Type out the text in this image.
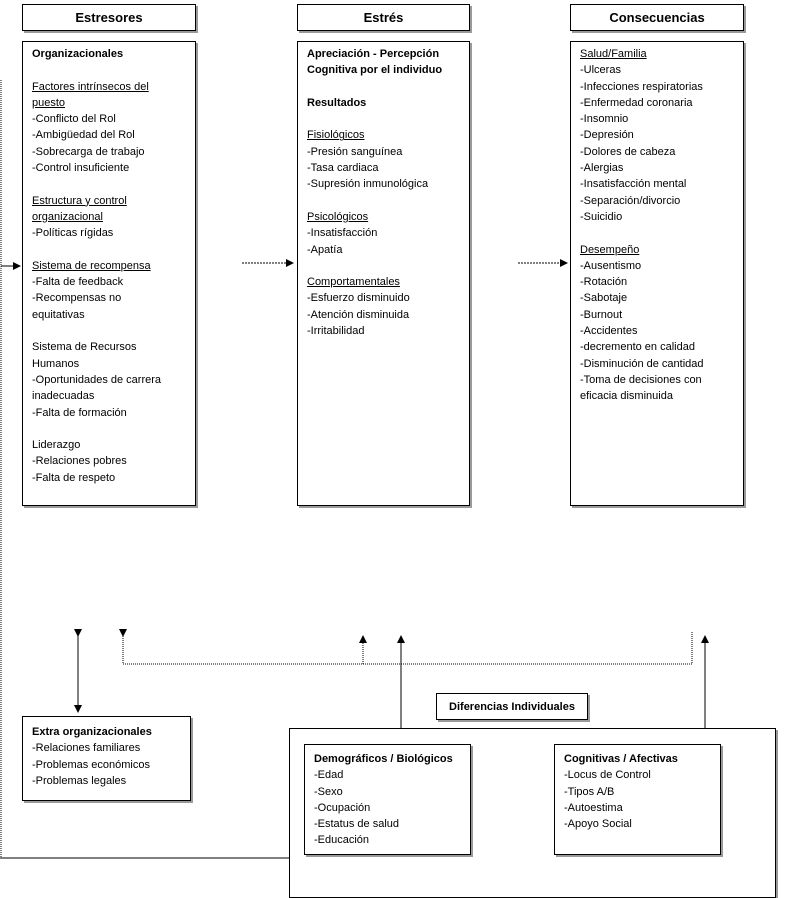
Estresores	Estrés	Consecuencias
Organizacionales
Factores intrínsecos del
puesto
-Conflicto del Rol
-Ambigüedad del Rol
-Sobrecarga de trabajo
-Control insuficiente
Estructura y control
organizacional
-Políticas rígidas
Sistema de recompensa
-Falta de feedback
-Recompensas no
equitativas
Sistema de Recursos
Humanos
-Oportunidades de carrera
inadecuadas
-Falta de formación
Liderazgo
-Relaciones pobres
-Falta de respeto
Apreciación - Percepción
Cognitiva por el individuo
Resultados
Fisiológicos
-Presión sanguínea
-Tasa cardiaca
-Supresión inmunológica
Psicológicos
-Insatisfacción
-Apatía
Comportamentales
-Esfuerzo disminuido
-Atención disminuida
-Irritabilidad
Salud/Familia
-Ulceras
-Infecciones respiratorias
-Enfermedad coronaria
-Insomnio
-Depresión
-Dolores de cabeza
-Alergias
-Insatisfacción mental
-Separación/divorcio
-Suicidio
Desempeño
-Ausentismo
-Rotación
-Sabotaje
-Burnout
-Accidentes
-decremento en calidad
-Disminución de cantidad
-Toma de decisiones con
eficacia disminuida
Extra organizacionales
-Relaciones familiares
-Problemas económicos
-Problemas legales
Diferencias Individuales
Demográficos / Biológicos
-Edad
-Sexo
-Ocupación
-Estatus de salud
-Educación
Cognitivas / Afectivas
-Locus de Control
-Tipos A/B
-Autoestima
-Apoyo Social
